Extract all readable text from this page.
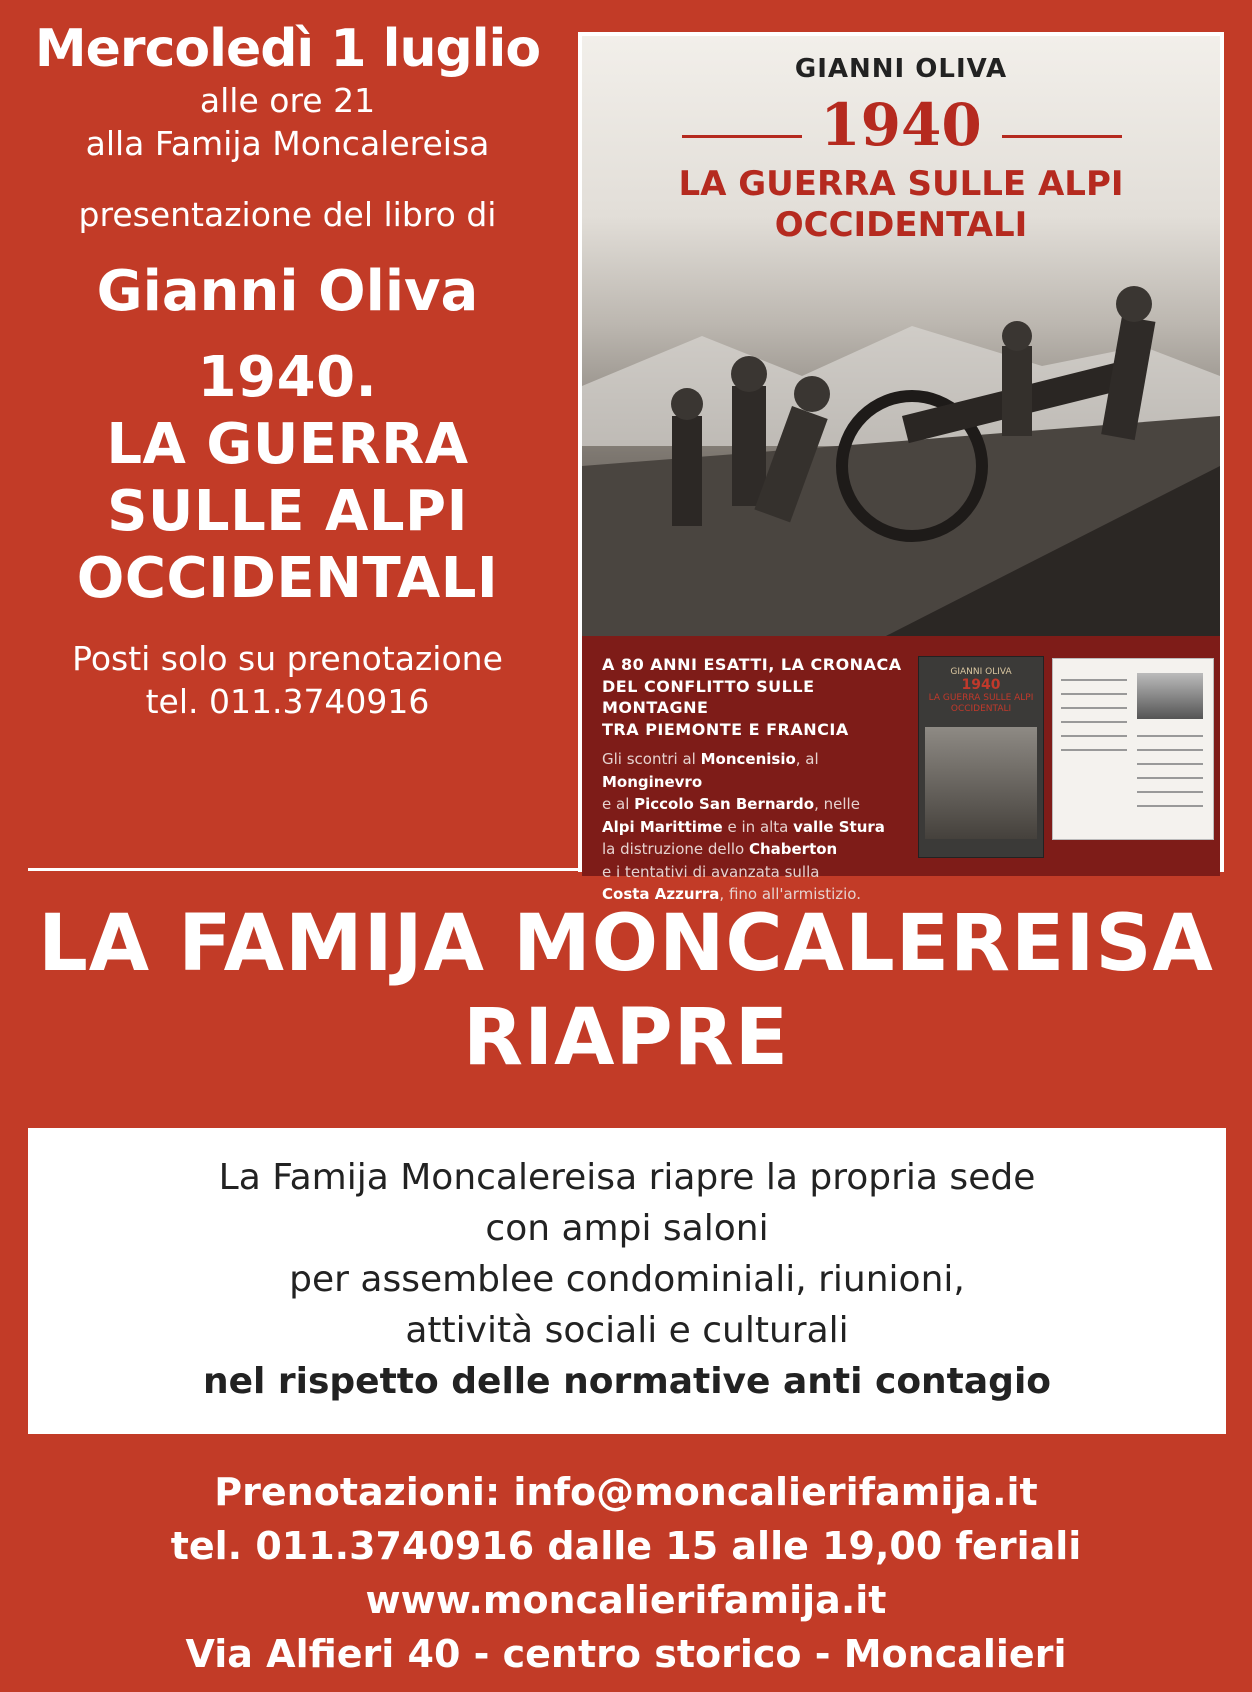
Mercoledì 1 luglio
alle ore 21
alla Famija Moncalereisa
presentazione del libro di
Gianni Oliva
1940.
LA GUERRA
SULLE ALPI
OCCIDENTALI
Posti solo su prenotazione
tel. 011.3740916
GIANNI OLIVA
1940
LA GUERRA SULLE ALPI
OCCIDENTALI
A 80 ANNI ESATTI, LA CRONACA
DEL CONFLITTO SULLE MONTAGNE
TRA PIEMONTE E FRANCIA
Gli scontri al Moncenisio, al Monginevro
e al Piccolo San Bernardo, nelle
Alpi Marittime e in alta valle Stura
la distruzione dello Chaberton
e i tentativi di avanzata sulla
Costa Azzurra, fino all'armistizio.
GIANNI OLIVA
1940
LA GUERRA SULLE ALPI OCCIDENTALI
LA FAMIJA MONCALEREISA
RIAPRE
La Famija Moncalereisa riapre la propria sede
con ampi saloni
per assemblee condominiali, riunioni,
attività sociali e culturali
nel rispetto delle normative anti contagio
Prenotazioni: info@moncalierifamija.it
tel. 011.3740916 dalle 15 alle 19,00 feriali
www.moncalierifamija.it
Via Alfieri 40 - centro storico - Moncalieri
